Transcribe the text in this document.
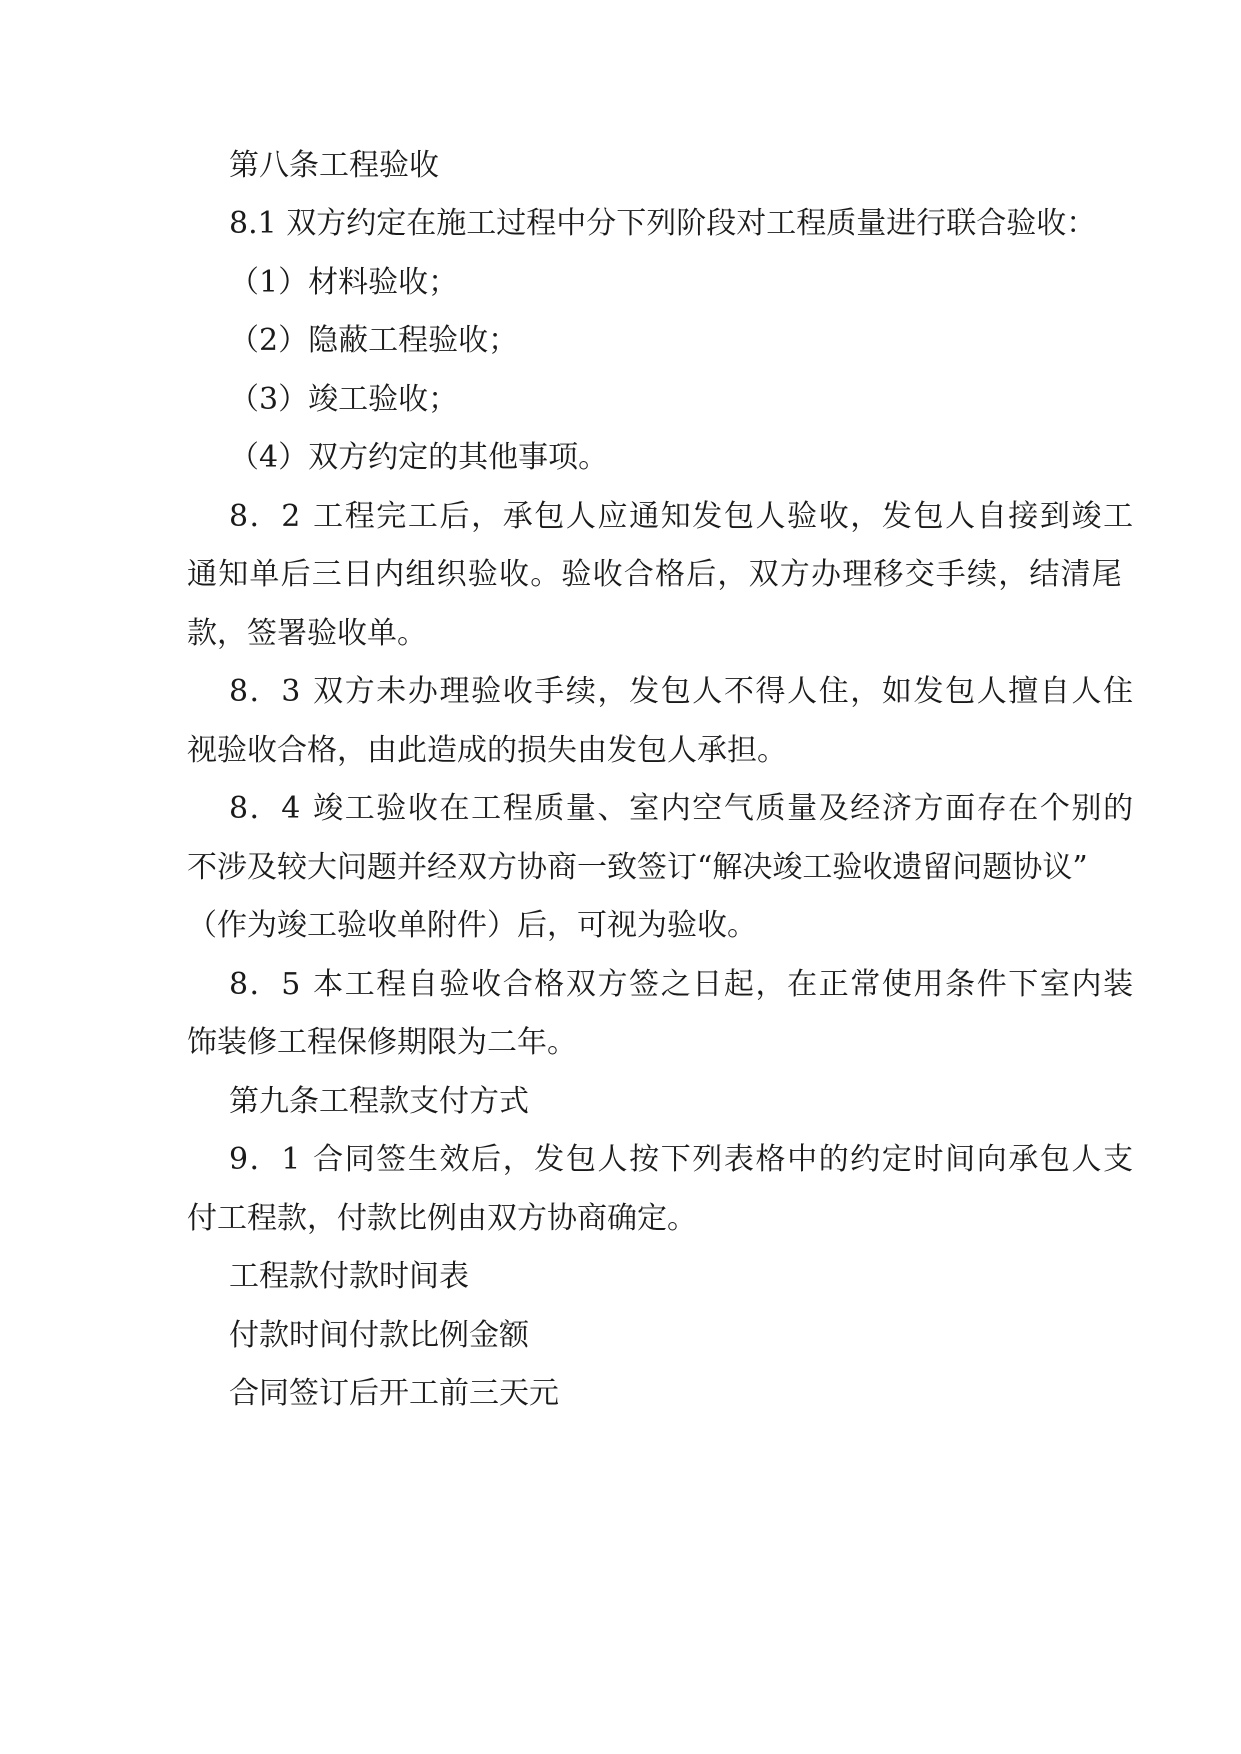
第八条工程验收
8.1 双方约定在施工过程中分下列阶段对工程质量进行联合验收：
（1）材料验收；
（2）隐蔽工程验收；
（3）竣工验收；
（4）双方约定的其他事项。
8．2 工程完工后，承包人应通知发包人验收，发包人自接到竣工
通知单后三日内组织验收。验收合格后，双方办理移交手续，结清尾
款，签署验收单。
8．3 双方未办理验收手续，发包人不得人住，如发包人擅自人住
视验收合格，由此造成的损失由发包人承担。
8．4 竣工验收在工程质量、室内空气质量及经济方面存在个别的
不涉及较大问题并经双方协商一致签订“解决竣工验收遗留问题协议”
（作为竣工验收单附件）后，可视为验收。
8．5 本工程自验收合格双方签之日起，在正常使用条件下室内装
饰装修工程保修期限为二年。
第九条工程款支付方式
9．1 合同签生效后，发包人按下列表格中的约定时间向承包人支
付工程款，付款比例由双方协商确定。
工程款付款时间表
付款时间付款比例金额
合同签订后开工前三天元
